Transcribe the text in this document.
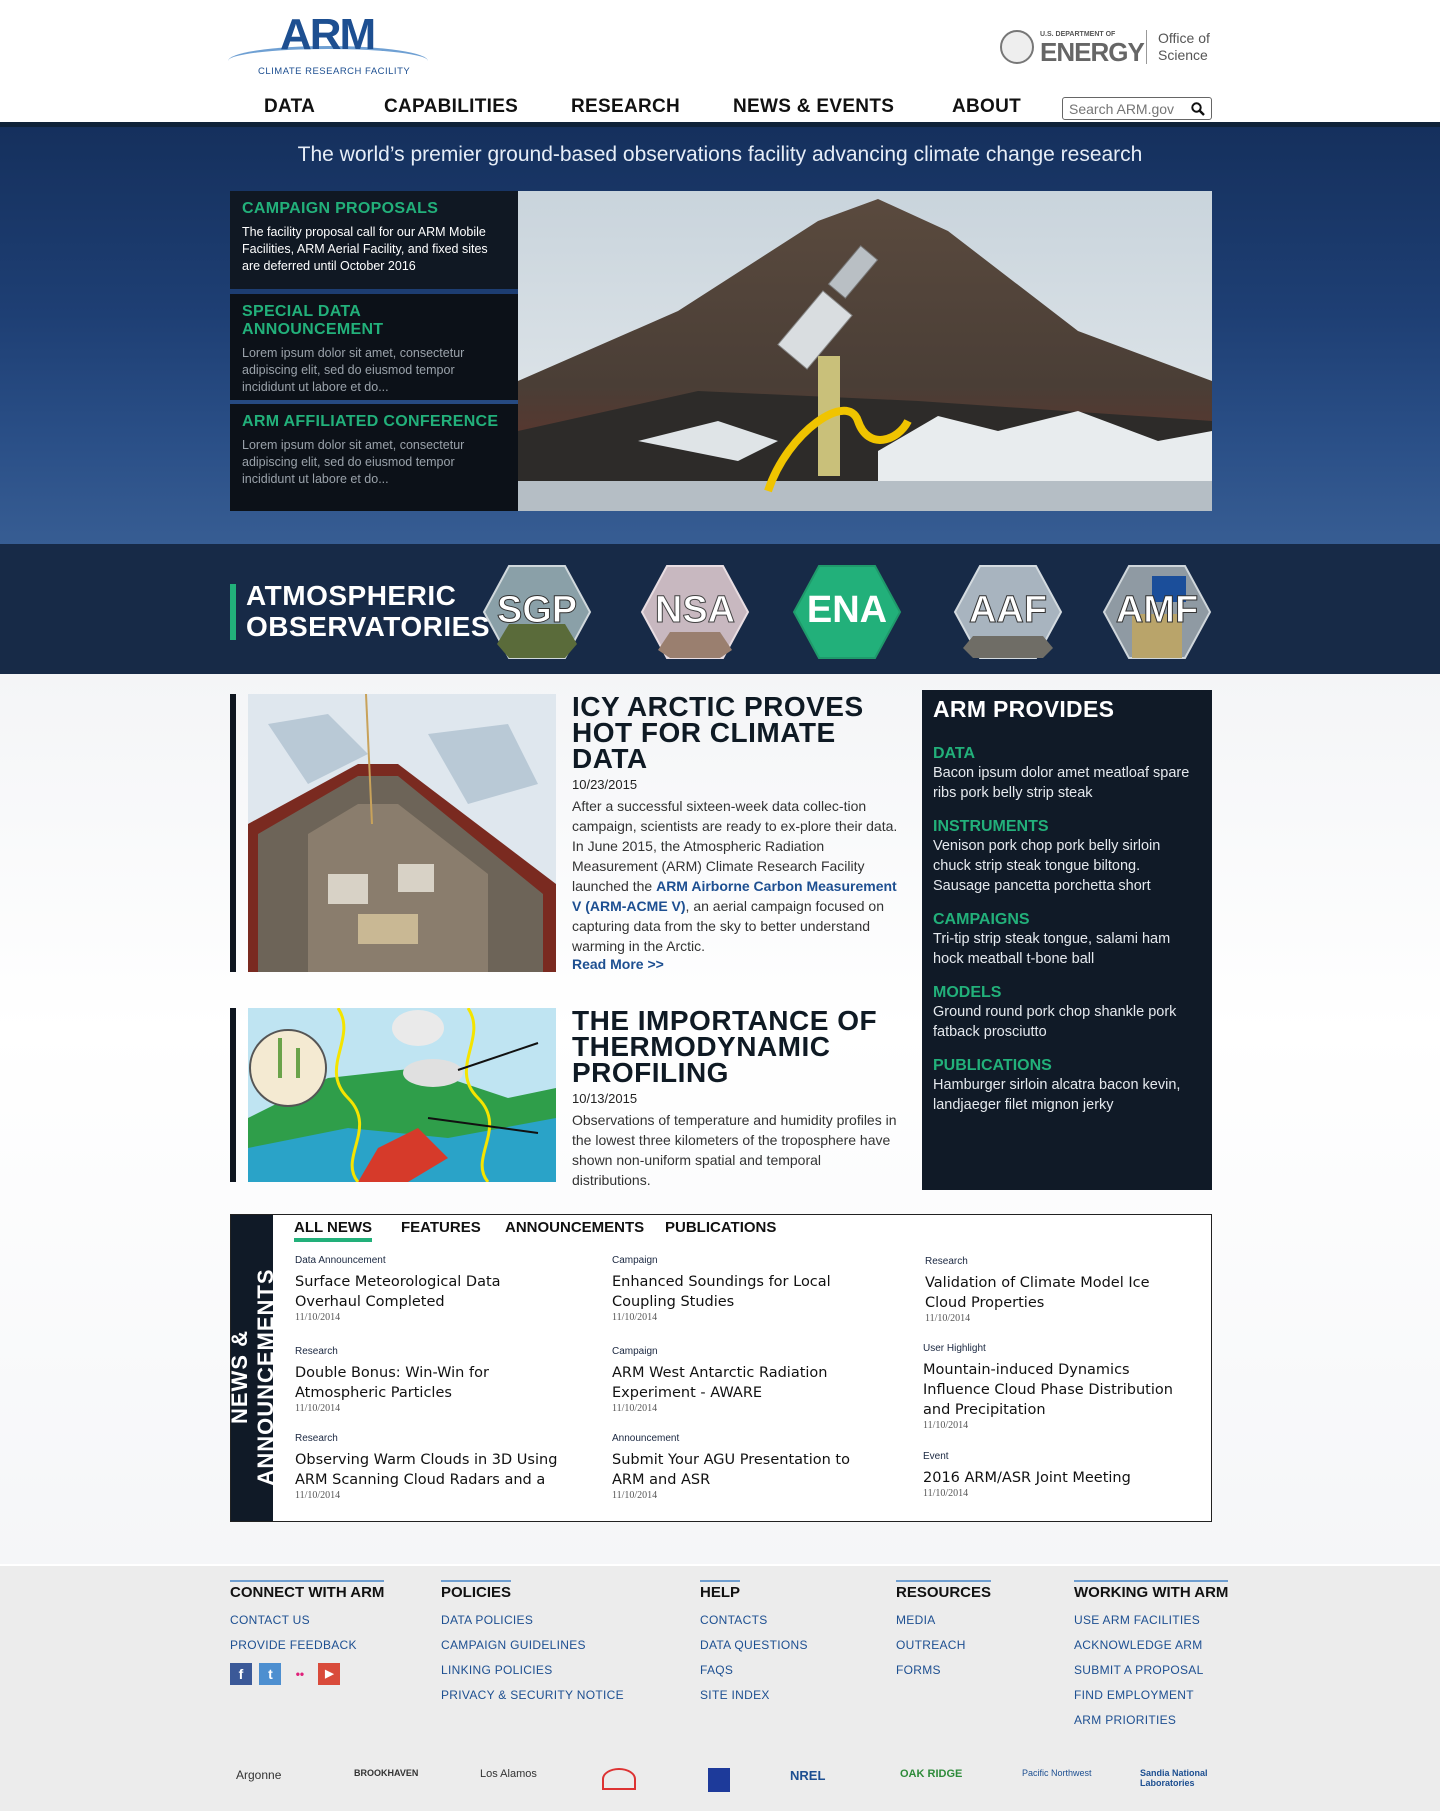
ARM
CLIMATE RESEARCH FACILITY
U.S. DEPARTMENT OF
ENERGY Office of Science
DATA	CAPABILITIES	RESEARCH	NEWS & EVENTS	ABOUT
Search ARM.gov
The world’s premier ground-based observations facility advancing climate change research
CAMPAIGN PROPOSALS
The facility proposal call for our ARM Mobile Facilities, ARM Aerial Facility, and fixed sites are deferred until October 2016
SPECIAL DATA ANNOUNCEMENT
Lorem ipsum dolor sit amet, consectetur adipiscing elit, sed do eiusmod tempor incididunt ut labore et do...
ARM AFFILIATED CONFERENCE
Lorem ipsum dolor sit amet, consectetur adipiscing elit, sed do eiusmod tempor incididunt ut labore et do...
ATMOSPHERIC
OBSERVATORIES SGP NSA ENA AAF AMF
ICY ARCTIC PROVES HOT FOR CLIMATE DATA
10/23/2015
After a successful sixteen-week data collec-tion campaign, scientists are ready to ex-plore their data. In June 2015, the Atmospheric Radiation Measurement (ARM) Climate Research Facility launched the ARM Airborne Carbon Measurement V (ARM-ACME V), an aerial campaign focused on capturing data from the sky to better understand warming in the Arctic.
Read More >>
THE IMPORTANCE OF THERMODYNAMIC PROFILING
10/13/2015
Observations of temperature and humidity profiles in the lowest three kilometers of the troposphere have shown non-uniform spatial and temporal distributions.
ARM PROVIDES
DATA
Bacon ipsum dolor amet meatloaf spare ribs pork belly strip steak
INSTRUMENTS
Venison pork chop pork belly sirloin chuck strip steak tongue biltong. Sausage pancetta porchetta short
CAMPAIGNS
Tri-tip strip steak tongue, salami ham hock meatball t-bone ball
MODELS
Ground round pork chop shankle pork fatback prosciutto
PUBLICATIONS
Hamburger sirloin alcatra bacon kevin, landjaeger filet mignon jerky
NEWS & ANNOUNCEMENTS
ALL NEWS FEATURES ANNOUNCEMENTS PUBLICATIONS
Data Announcement
Surface Meteorological Data Overhaul Completed
11/10/2014
Campaign
Enhanced Soundings for Local Coupling Studies
11/10/2014
Research
Validation of Climate Model Ice Cloud Properties
11/10/2014
Research
Double Bonus: Win-Win for Atmospheric Particles
11/10/2014
Campaign
ARM West Antarctic Radiation Experiment - AWARE
11/10/2014
User Highlight
Mountain-induced Dynamics Influence Cloud Phase Distribution and Precipitation
11/10/2014
Research
Observing Warm Clouds in 3D Using ARM Scanning Cloud Radars and a
11/10/2014
Announcement
Submit Your AGU Presentation to ARM and ASR
11/10/2014
Event
2016 ARM/ASR Joint Meeting
11/10/2014
CONNECT WITH ARM
CONTACT US
PROVIDE FEEDBACK
f t •• ▶
POLICIES
DATA POLICIES
CAMPAIGN GUIDELINES
LINKING POLICIES
PRIVACY & SECURITY NOTICE
HELP
CONTACTS
DATA QUESTIONS
FAQS
SITE INDEX
RESOURCES
MEDIA
OUTREACH
FORMS
WORKING WITH ARM
USE ARM FACILITIES
ACKNOWLEDGE ARM
SUBMIT A PROPOSAL
FIND EMPLOYMENT
ARM PRIORITIES
Argonne	BROOKHAVEN	Los Alamos	NREL	OAK RIDGE	Pacific Northwest	Sandia National Laboratories
